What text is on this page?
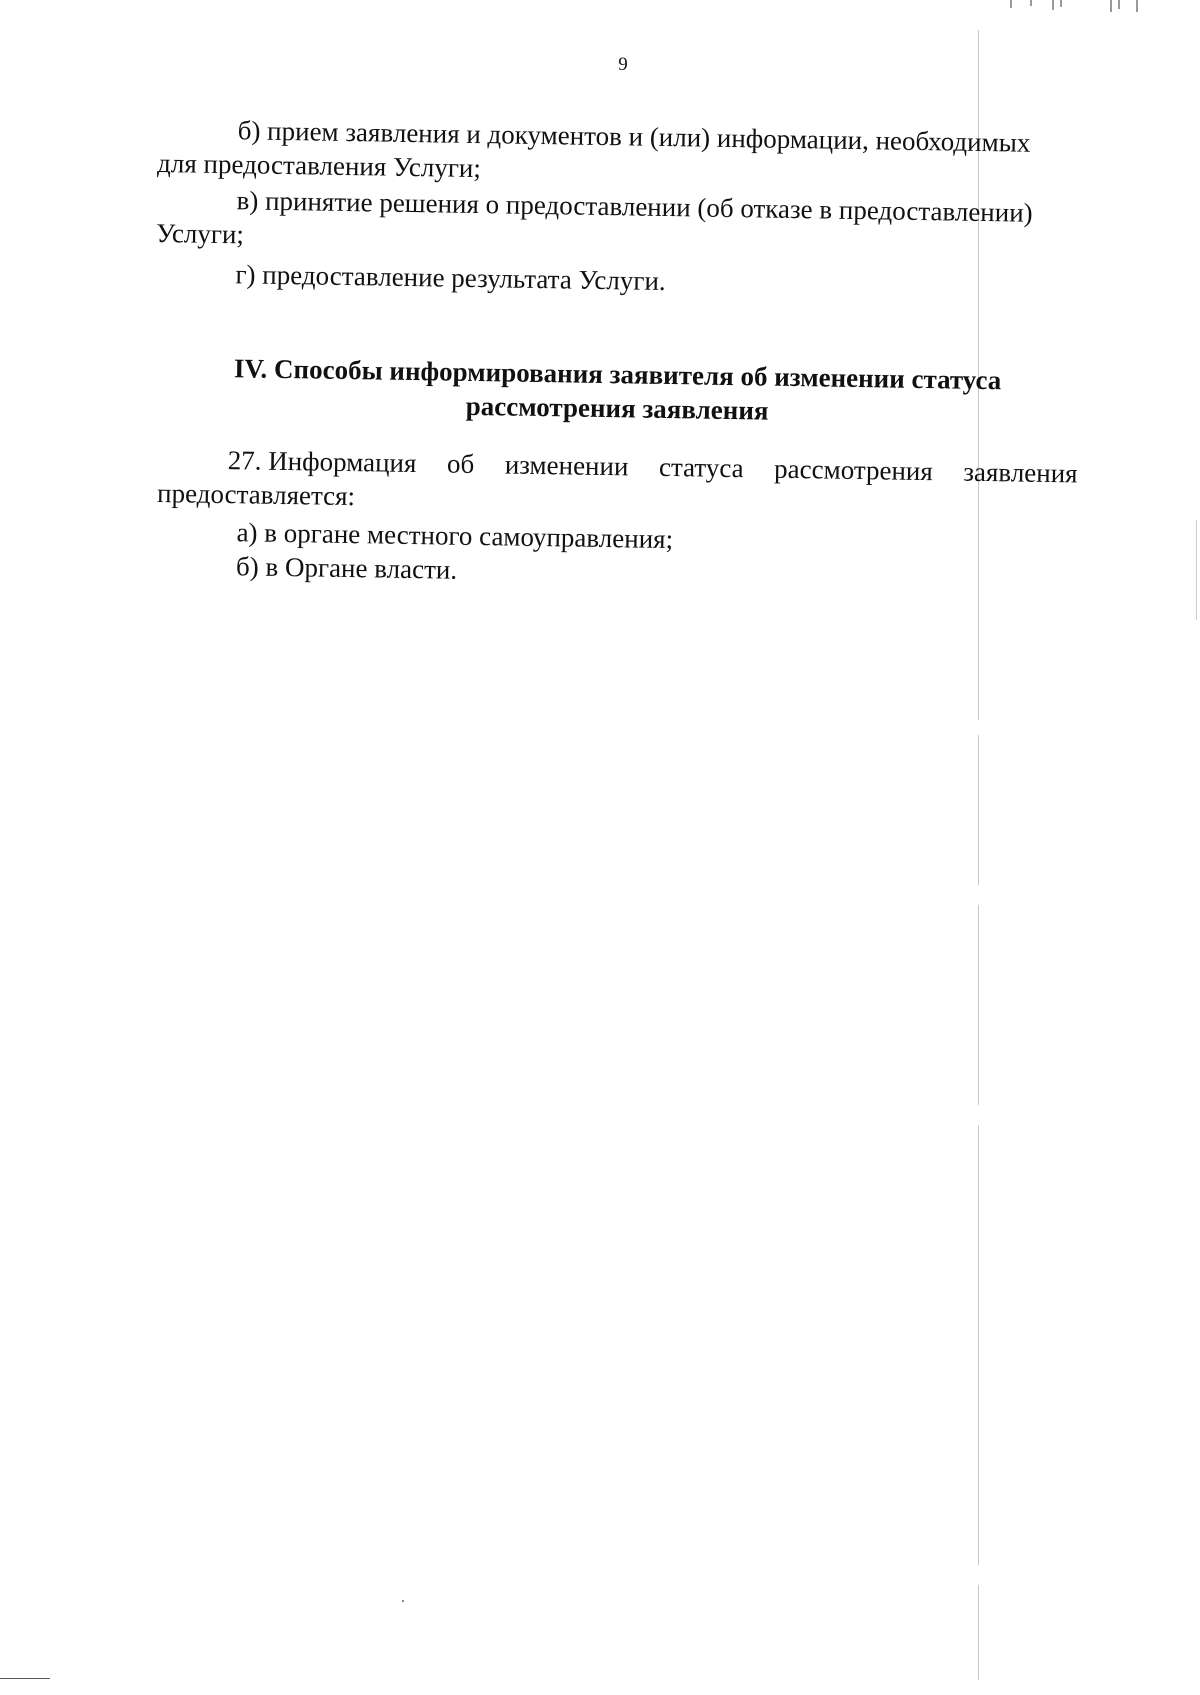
9
б) прием заявления и документов и (или) информации, необходимых
для предоставления Услуги;
в) принятие решения о предоставлении (об отказе в предоставлении)
Услуги;
г) предоставление результата Услуги.
IV. Способы информирования заявителя об изменении статуса
рассмотрения заявления
27. Информация об изменении статуса рассмотрения заявления
предоставляется:
а) в органе местного самоуправления;
б) в Органе власти.
